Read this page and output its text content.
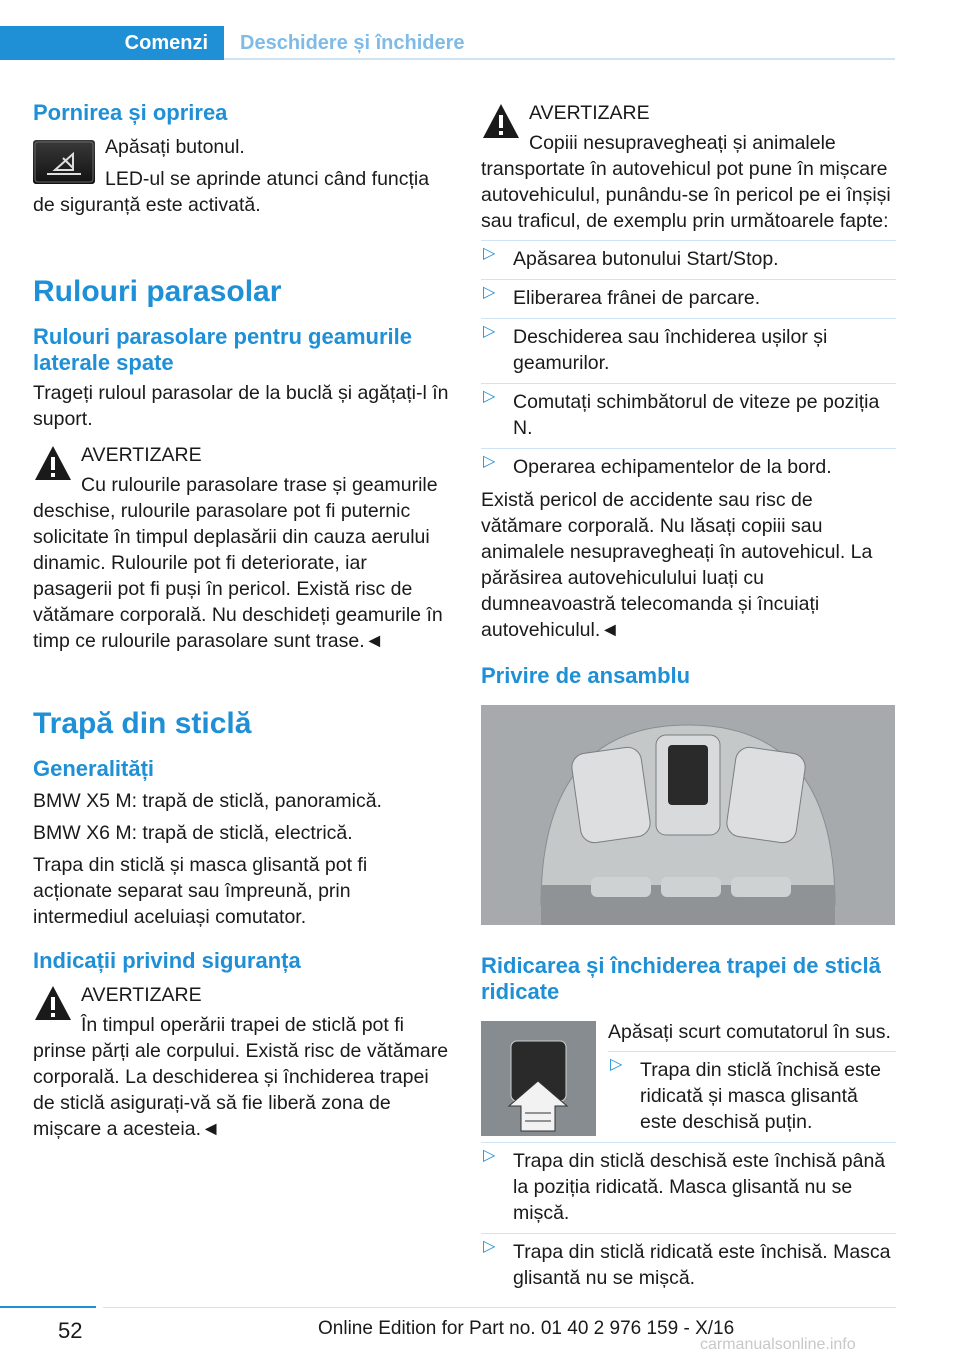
Comenzi	Deschidere și închidere
Pornirea și oprirea

Apăsați butonul.

LED-ul se aprinde atunci când funcția de siguranță este activată.

Rulouri parasolar
Rulouri parasolare pentru geamurile laterale spate

Trageți ruloul parasolar de la buclă și agățați-l în suport.

AVERTIZARE

Cu rulourile parasolare trase și geamurile deschise, rulourile parasolare pot fi puternic solicitate în timpul deplasării din cauza aerului dinamic. Rulourile pot fi deteriorate, iar pasagerii pot fi puși în pericol. Există risc de vătămare corporală. Nu deschideți geamurile în timp ce rulourile parasolare sunt trase.◄

Trapă din sticlă
Generalități

BMW X5 M: trapă de sticlă, panoramică.

BMW X6 M: trapă de sticlă, electrică.

Trapa din sticlă și masca glisantă pot fi acționate separat sau împreună, prin intermediul aceluiași comutator.

Indicații privind siguranța

AVERTIZARE

În timpul operării trapei de sticlă pot fi prinse părți ale corpului. Există risc de vătămare corporală. La deschiderea și închiderea trapei de sticlă asigurați-vă să fie liberă zona de mișcare a acesteia.◄

AVERTIZARE

Copiii nesupravegheați și animalele transportate în autovehicul pot pune în mișcare autovehiculul, punându-se în pericol pe ei înșiși sau traficul, de exemplu prin următoarele fapte:

▷ Apăsarea butonului Start/Stop.
▷ Eliberarea frânei de parcare.
▷ Deschiderea sau închiderea ușilor și geamurilor.
▷ Comutați schimbătorul de viteze pe poziția N.
▷ Operarea echipamentelor de la bord.

Există pericol de accidente sau risc de vătămare corporală. Nu lăsați copiii sau animalele nesupravegheați în autovehicul. La părăsirea autovehiculului luați cu dumneavoastră telecomanda și încuiați autovehiculul.◄

Privire de ansamblu
Ridicarea și închiderea trapei de sticlă ridicate

Apăsați scurt comutatorul în sus.

▷ Trapa din sticlă închisă este ridicată și masca glisantă este deschisă puțin.
▷ Trapa din sticlă deschisă este închisă până la poziția ridicată. Masca glisantă nu se mișcă.
▷ Trapa din sticlă ridicată este închisă. Masca glisantă nu se mișcă.
52	Online Edition for Part no. 01 40 2 976 159 - X/16
carmanualsonline.info
